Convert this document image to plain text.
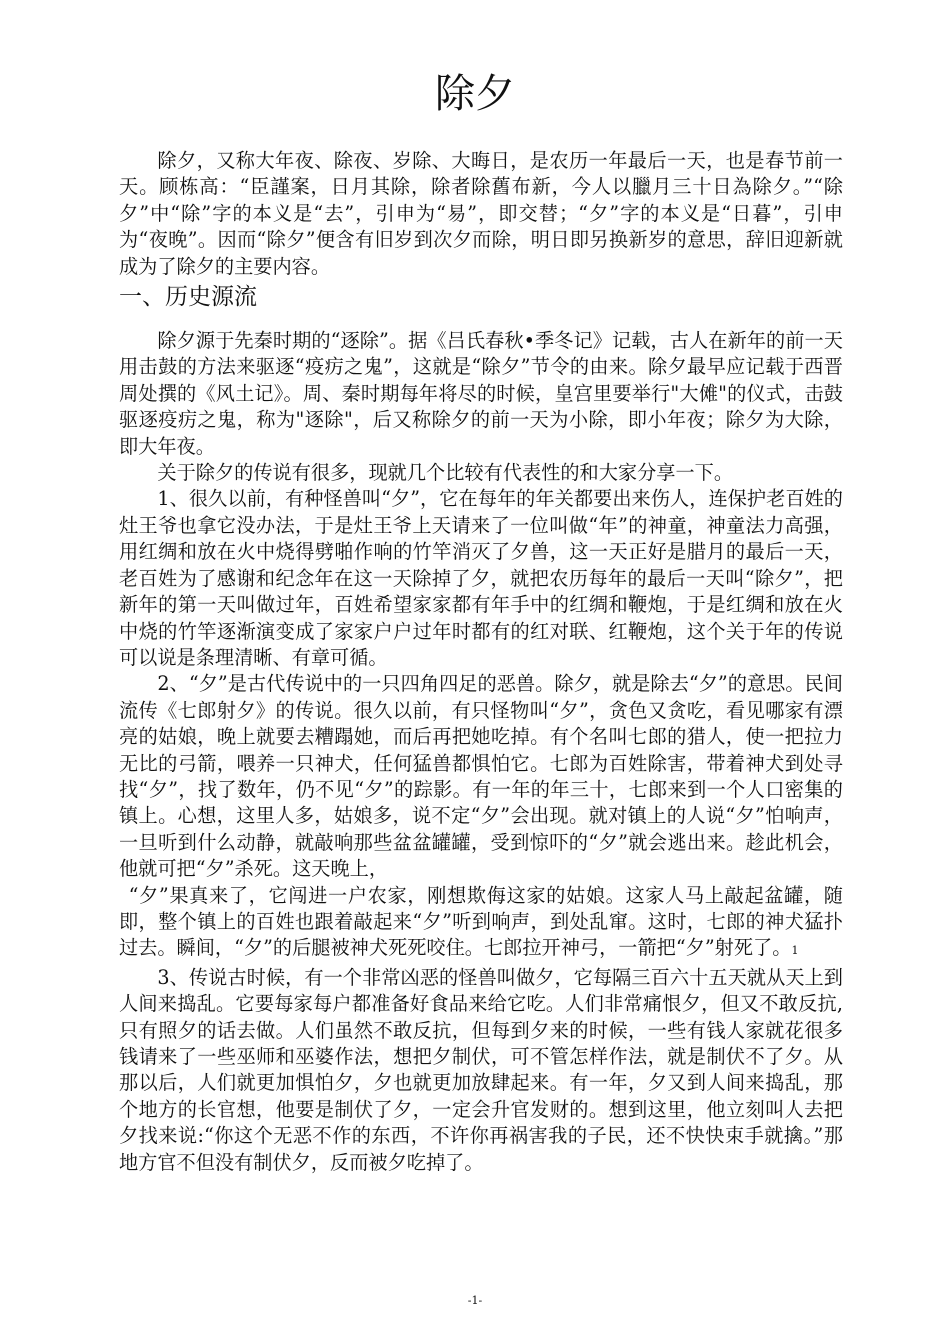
除夕

除夕，又称大年夜、除夜、岁除、大晦日，是农历一年最后一天，也是春节前一天。顾栋高：“臣謹案，日月其除，除者除舊布新，今人以臘月三十日為除夕。”“除夕”中“除”字的本义是“去”，引申为“易”，即交替；“夕”字的本义是“日暮”，引申为“夜晚”。因而“除夕”便含有旧岁到次夕而除，明日即另换新岁的意思，辞旧迎新就成为了除夕的主要内容。

一、历史源流

除夕源于先秦时期的“逐除”。据《吕氏春秋•季冬记》记载，古人在新年的前一天用击鼓的方法来驱逐“疫疠之鬼”，这就是“除夕”节令的由来。除夕最早应记载于西晋周处撰的《风土记》。周、秦时期每年将尽的时候，皇宫里要举行"大傩"的仪式，击鼓驱逐疫疠之鬼，称为"逐除"，后又称除夕的前一天为小除，即小年夜；除夕为大除，即大年夜。

关于除夕的传说有很多，现就几个比较有代表性的和大家分享一下。

1、很久以前，有种怪兽叫“夕”，它在每年的年关都要出来伤人，连保护老百姓的灶王爷也拿它没办法，于是灶王爷上天请来了一位叫做“年”的神童，神童法力高强，用红绸和放在火中烧得劈啪作响的竹竿消灭了夕兽，这一天正好是腊月的最后一天，老百姓为了感谢和纪念年在这一天除掉了夕，就把农历每年的最后一天叫“除夕”，把新年的第一天叫做过年，百姓希望家家都有年手中的红绸和鞭炮，于是红绸和放在火中烧的竹竿逐渐演变成了家家户户过年时都有的红对联、红鞭炮，这个关于年的传说可以说是条理清晰、有章可循。

2、“夕”是古代传说中的一只四角四足的恶兽。除夕，就是除去“夕”的意思。民间流传《七郎射夕》的传说。很久以前，有只怪物叫“夕”，贪色又贪吃，看见哪家有漂亮的姑娘，晚上就要去糟蹋她，而后再把她吃掉。有个名叫七郎的猎人，使一把拉力无比的弓箭，喂养一只神犬，任何猛兽都惧怕它。七郎为百姓除害，带着神犬到处寻找“夕”，找了数年，仍不见“夕”的踪影。有一年的年三十，七郎来到一个人口密集的镇上。心想，这里人多，姑娘多，说不定“夕”会出现。就对镇上的人说“夕”怕响声，一旦听到什么动静，就敲响那些盆盆罐罐，受到惊吓的“夕”就会逃出来。趁此机会，他就可把“夕”杀死。这天晚上，

“夕”果真来了，它闯进一户农家，刚想欺侮这家的姑娘。这家人马上敲起盆罐，随即，整个镇上的百姓也跟着敲起来“夕”听到响声，到处乱窜。这时，七郎的神犬猛扑过去。瞬间，“夕”的后腿被神犬死死咬住。七郎拉开神弓，一箭把“夕”射死了。1

3、传说古时候，有一个非常凶恶的怪兽叫做夕，它每隔三百六十五天就从天上到人间来捣乱。它要每家每户都准备好食品来给它吃。人们非常痛恨夕，但又不敢反抗,只有照夕的话去做。人们虽然不敢反抗，但每到夕来的时候，一些有钱人家就花很多钱请来了一些巫师和巫婆作法，想把夕制伏，可不管怎样作法，就是制伏不了夕。从那以后，人们就更加惧怕夕，夕也就更加放肆起来。有一年，夕又到人间来捣乱，那个地方的长官想，他要是制伏了夕，一定会升官发财的。想到这里，他立刻叫人去把夕找来说:“你这个无恶不作的东西，不许你再祸害我的子民，还不快快束手就擒。”那地方官不但没有制伏夕，反而被夕吃掉了。

-1-
